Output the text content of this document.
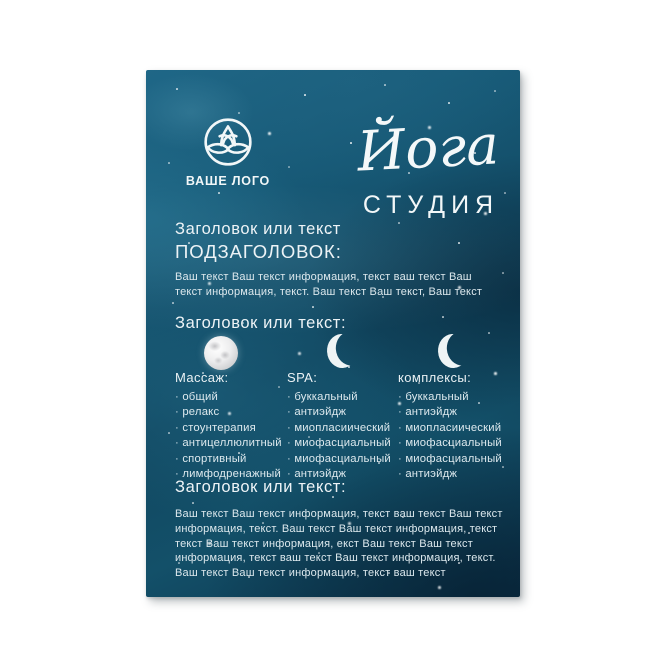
ВАШЕ ЛОГО	Йога
СТУДИЯ
Заголовок или текст
ПОДЗАГОЛОВОК:
Ваш текст Ваш текст информация, текст ваш текст Ваш текст информация, текст. Ваш текст Ваш текст, Ваш текст
Заголовок или текст:
Массаж:
· общий
· релакс
· стоунтерапия
· антицеллюлитный
· спортивный
· лимфодренажный
SPA:
· буккальный
· антиэйдж
· миопласиический
· миофасциальный
· миофасциальный
· антиэйдж
комплексы:
· буккальный
· антиэйдж
· миопласиический
· миофасциальный
· миофасциальный
· антиэйдж
Заголовок или текст:
Ваш текст Ваш текст информация, текст ваш текст Ваш текст информация, текст. Ваш текст Ваш текст информация, текст текст Ваш текст информация, екст Ваш текст Ваш текст информация, текст ваш текст Ваш текст информация, текст. Ваш текст Ваш текст информация, текст ваш текст
